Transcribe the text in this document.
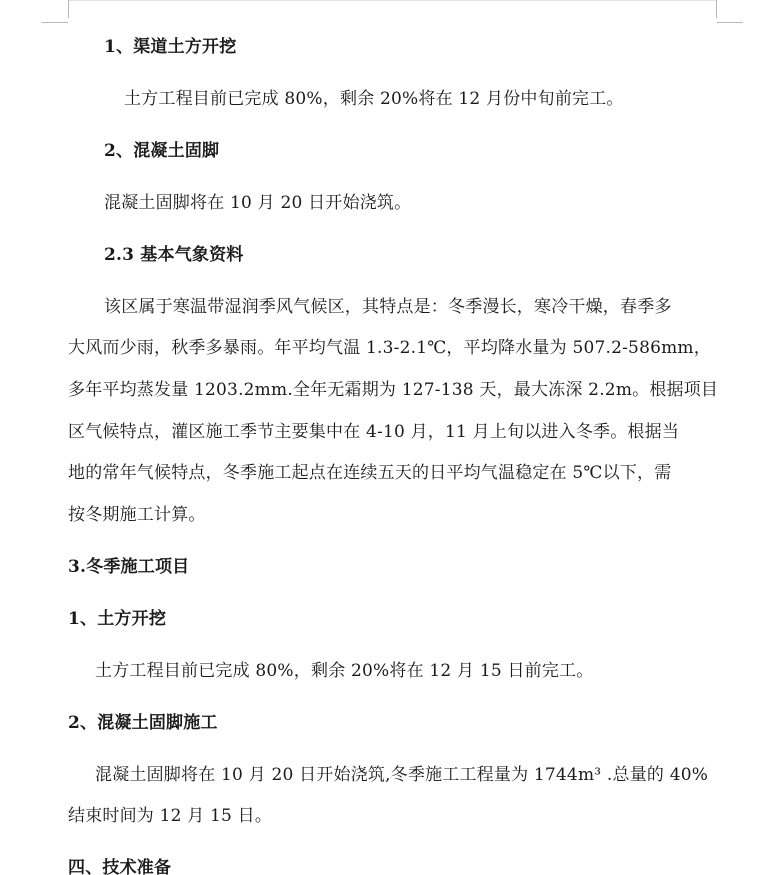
1、渠道土方开挖
土方工程目前已完成 80%，剩余 20%将在 12 月份中旬前完工。
2、混凝土固脚
混凝土固脚将在 10 月 20 日开始浇筑。
2.3 基本气象资料
该区属于寒温带湿润季风气候区，其特点是：冬季漫长，寒冷干燥，春季多
大风而少雨，秋季多暴雨。年平均气温 1.3-2.1℃，平均降水量为 507.2-586mm，
多年平均蒸发量 1203.2mm.全年无霜期为 127-138 天，最大冻深 2.2m。根据项目
区气候特点，灌区施工季节主要集中在 4-10 月，11 月上旬以进入冬季。根据当
地的常年气候特点，冬季施工起点在连续五天的日平均气温稳定在 5℃以下，需
按冬期施工计算。
3.冬季施工项目
1、土方开挖
土方工程目前已完成 80%，剩余 20%将在 12 月 15 日前完工。
2、混凝土固脚施工
混凝土固脚将在 10 月 20 日开始浇筑,冬季施工工程量为 1744m³ .总量的 40%
结束时间为 12 月 15 日。
四、技术准备
